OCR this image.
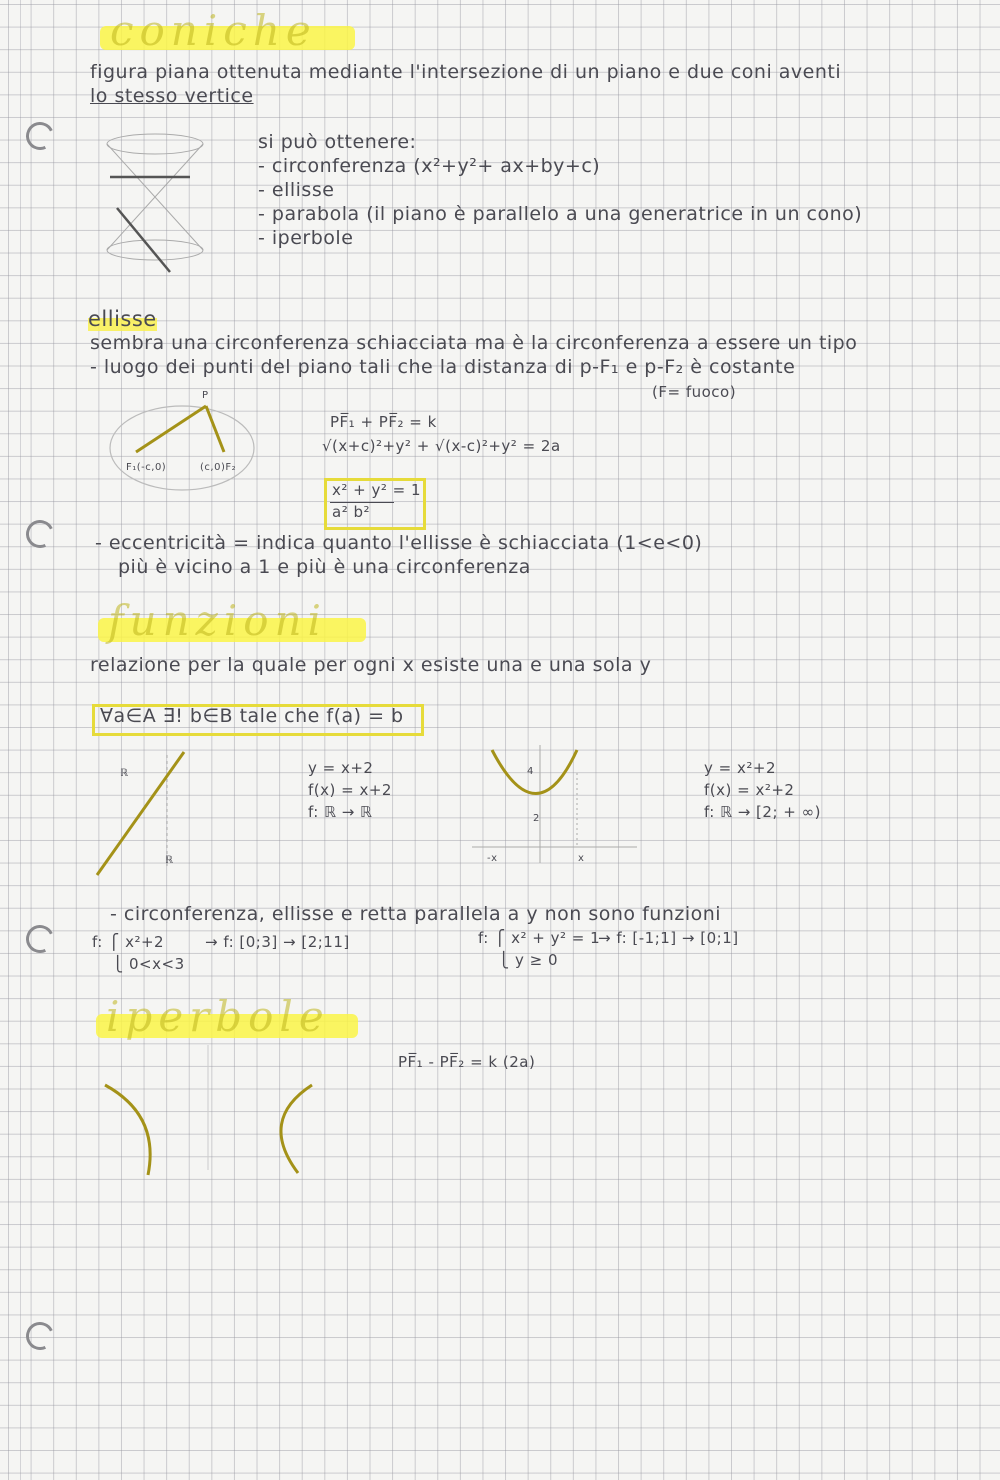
coniche
figura piana ottenuta mediante l'intersezione di un piano e due coni aventi
lo stesso vertice
si può ottenere:
- circonferenza (x²+y²+ ax+by+c)
- ellisse
- parabola (il piano è parallelo a una generatrice in un cono)
- iperbole
ellisse
sembra una circonferenza schiacciata ma è la circonferenza a essere un tipo
- luogo dei punti del piano tali che la distanza di p-F₁ e p-F₂ è costante
(F= fuoco)
P
F₁(-c,0)	(c,0)F₂
PF̅₁ + PF̅₂ = k
√(x+c)²+y² + √(x-c)²+y² = 2a
x² + y² = 1
a² b²
- eccentricità = indica quanto l'ellisse è schiacciata (1<e<0)
più è vicino a 1 e più è una circonferenza
funzioni
relazione per la quale per ogni x esiste una e una sola y
∀a∈A ∃! b∈B tale che f(a) = b
ℝ
ℝ
y = x+2
f(x) = x+2
f: ℝ → ℝ
4
2
-x	x
y = x²+2
f(x) = x²+2
f: ℝ → [2; + ∞)
- circonferenza, ellisse e retta parallela a y non sono funzioni
f: ⎧ x²+2
⎩ 0<x<3
→ f: [0;3] → [2;11]	f: ⎧ x² + y² = 1
⎩ y ≥ 0
→ f: [-1;1] → [0;1]
iperbole
PF̅₁ - PF̅₂ = k (2a)
